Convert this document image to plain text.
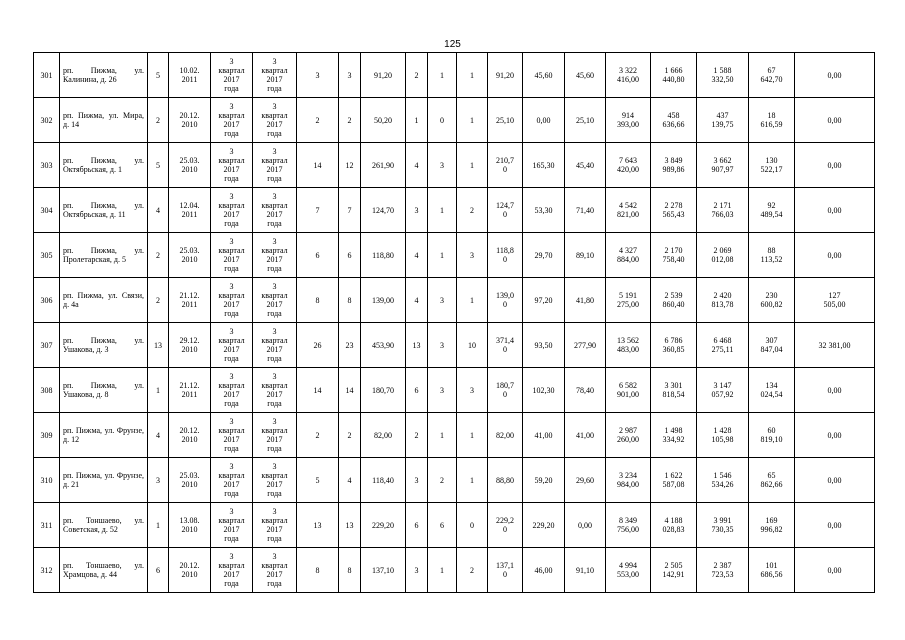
125
301	рп. Пижма, ул. Калинина, д. 26	5	10.02.
2011	3
квартал
2017
года	3
квартал
2017
года	3	3	91,20	2	1	1	91,20	45,60	45,60	3 322
416,00	1 666
440,80	1 588
332,50	67
642,70	0,00
302	рп. Пижма, ул. Мира, д. 14	2	20.12.
2010	3
квартал
2017
года	3
квартал
2017
года	2	2	50,20	1	0	1	25,10	0,00	25,10	914
393,00	458
636,66	437
139,75	18
616,59	0,00
303	рп. Пижма, ул. Октябрьская, д. 1	5	25.03.
2010	3
квартал
2017
года	3
квартал
2017
года	14	12	261,90	4	3	1	210,7
0	165,30	45,40	7 643
420,00	3 849
989,86	3 662
907,97	130
522,17	0,00
304	рп. Пижма, ул. Октябрьская, д. 11	4	12.04.
2011	3
квартал
2017
года	3
квартал
2017
года	7	7	124,70	3	1	2	124,7
0	53,30	71,40	4 542
821,00	2 278
565,43	2 171
766,03	92
489,54	0,00
305	рп. Пижма, ул. Пролетарская, д. 5	2	25.03.
2010	3
квартал
2017
года	3
квартал
2017
года	6	6	118,80	4	1	3	118,8
0	29,70	89,10	4 327
884,00	2 170
758,40	2 069
012,08	88
113,52	0,00
306	рп. Пижма, ул. Связи, д. 4а	2	21.12.
2011	3
квартал
2017
года	3
квартал
2017
года	8	8	139,00	4	3	1	139,0
0	97,20	41,80	5 191
275,00	2 539
860,40	2 420
813,78	230
600,82	127
505,00
307	рп. Пижма, ул. Ушакова, д. 3	13	29.12.
2010	3
квартал
2017
года	3
квартал
2017
года	26	23	453,90	13	3	10	371,4
0	93,50	277,90	13 562
483,00	6 786
360,85	6 468
275,11	307
847,04	32 381,00
308	рп. Пижма, ул. Ушакова, д. 8	1	21.12.
2011	3
квартал
2017
года	3
квартал
2017
года	14	14	180,70	6	3	3	180,7
0	102,30	78,40	6 582
901,00	3 301
818,54	3 147
057,92	134
024,54	0,00
309	рп. Пижма, ул. Фрунзе, д. 12	4	20.12.
2010	3
квартал
2017
года	3
квартал
2017
года	2	2	82,00	2	1	1	82,00	41,00	41,00	2 987
260,00	1 498
334,92	1 428
105,98	60
819,10	0,00
310	рп. Пижма, ул. Фрунзе, д. 21	3	25.03.
2010	3
квартал
2017
года	3
квартал
2017
года	5	4	118,40	3	2	1	88,80	59,20	29,60	3 234
984,00	1 622
587,08	1 546
534,26	65
862,66	0,00
311	рп. Тоншаево, ул. Советская, д. 52	1	13.08.
2010	3
квартал
2017
года	3
квартал
2017
года	13	13	229,20	6	6	0	229,2
0	229,20	0,00	8 349
756,00	4 188
028,83	3 991
730,35	169
996,82	0,00
312	рп. Тоншаево, ул. Храмцова, д. 44	6	20.12.
2010	3
квартал
2017
года	3
квартал
2017
года	8	8	137,10	3	1	2	137,1
0	46,00	91,10	4 994
553,00	2 505
142,91	2 387
723,53	101
686,56	0,00
